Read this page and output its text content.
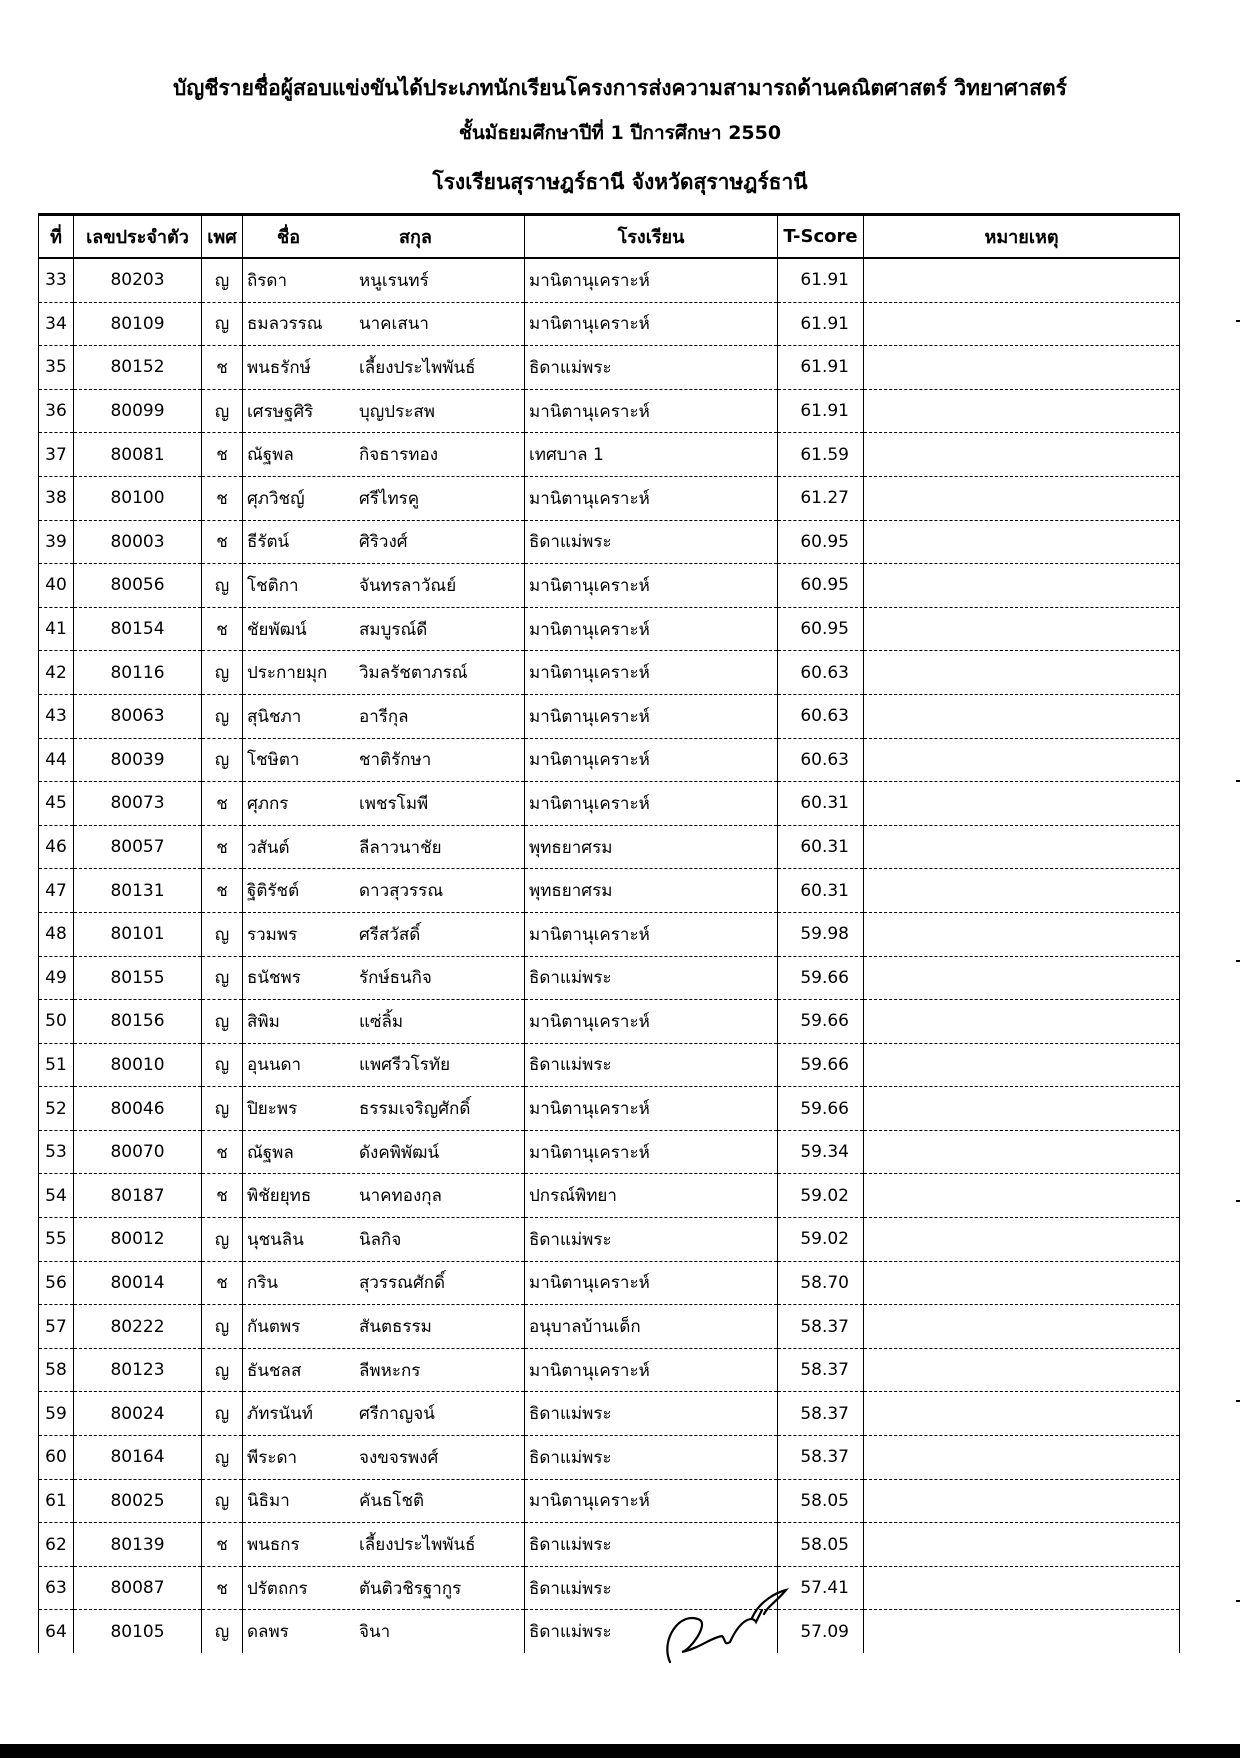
บัญชีรายชื่อผู้สอบแข่งขันได้ประเภทนักเรียนโครงการส่งความสามารถด้านคณิตศาสตร์ วิทยาศาสตร์
ชั้นมัธยมศึกษาปีที่ 1 ปีการศึกษา 2550
โรงเรียนสุราษฎร์ธานี จังหวัดสุราษฎร์ธานี
ที่	เลขประจำตัว	เพศ	ชื่อ สกุล	โรงเรียน	T-Score	หมายเหตุ
33	80203	ญ	ถิรดา หนูเรนทร์	มานิตานุเคราะห์	61.91	
34	80109	ญ	ธมลวรรณ นาคเสนา	มานิตานุเคราะห์	61.91	
35	80152	ช	พนธรักษ์ เลี้ยงประไพพันธ์	ธิดาแม่พระ	61.91	
36	80099	ญ	เศรษฐศิริ บุญประสพ	มานิตานุเคราะห์	61.91	
37	80081	ช	ณัฐพล กิจธารทอง	เทศบาล 1	61.59	
38	80100	ช	ศุภวิชญ์ ศรีไทรคู	มานิตานุเคราะห์	61.27	
39	80003	ช	ธีรัตน์ ศิริวงศ์	ธิดาแม่พระ	60.95	
40	80056	ญ	โชติกา จันทรลาวัณย์	มานิตานุเคราะห์	60.95	
41	80154	ช	ชัยพัฒน์ สมบูรณ์ดี	มานิตานุเคราะห์	60.95	
42	80116	ญ	ประกายมุก วิมลรัชตาภรณ์	มานิตานุเคราะห์	60.63	
43	80063	ญ	สุนิชภา อารีกุล	มานิตานุเคราะห์	60.63	
44	80039	ญ	โชษิตา ชาติรักษา	มานิตานุเคราะห์	60.63	
45	80073	ช	ศุภกร เพชรโมพี	มานิตานุเคราะห์	60.31	
46	80057	ช	วสันต์ ลีลาวนาชัย	พุทธยาศรม	60.31	
47	80131	ช	ฐิติรัชต์ ดาวสุวรรณ	พุทธยาศรม	60.31	
48	80101	ญ	รวมพร ศรีสวัสดิ์	มานิตานุเคราะห์	59.98	
49	80155	ญ	ธนัชพร รักษ์ธนกิจ	ธิดาแม่พระ	59.66	
50	80156	ญ	สิพิม แซ่ลิ้ม	มานิตานุเคราะห์	59.66	
51	80010	ญ	อุนนดา แพศรีวโรทัย	ธิดาแม่พระ	59.66	
52	80046	ญ	ปิยะพร ธรรมเจริญศักดิ์	มานิตานุเคราะห์	59.66	
53	80070	ช	ณัฐพล ดังคพิพัฒน์	มานิตานุเคราะห์	59.34	
54	80187	ช	พิชัยยุทธ นาคทองกุล	ปกรณ์พิทยา	59.02	
55	80012	ญ	นุชนลิน นิลกิจ	ธิดาแม่พระ	59.02	
56	80014	ช	กริน สุวรรณศักดิ์	มานิตานุเคราะห์	58.70	
57	80222	ญ	กันตพร สันตธรรม	อนุบาลบ้านเด็ก	58.37	
58	80123	ญ	ธันชลส ลีพหะกร	มานิตานุเคราะห์	58.37	
59	80024	ญ	ภัทรนันท์ ศรีกาญจน์	ธิดาแม่พระ	58.37	
60	80164	ญ	พีระดา จงขจรพงศ์	ธิดาแม่พระ	58.37	
61	80025	ญ	นิธิมา คันธโชติ	มานิตานุเคราะห์	58.05	
62	80139	ช	พนธกร เลี้ยงประไพพันธ์	ธิดาแม่พระ	58.05	
63	80087	ช	ปรัตถกร ตันติวชิรฐากูร	ธิดาแม่พระ	57.41	
64	80105	ญ	ดลพร จินา	ธิดาแม่พระ	57.09	
